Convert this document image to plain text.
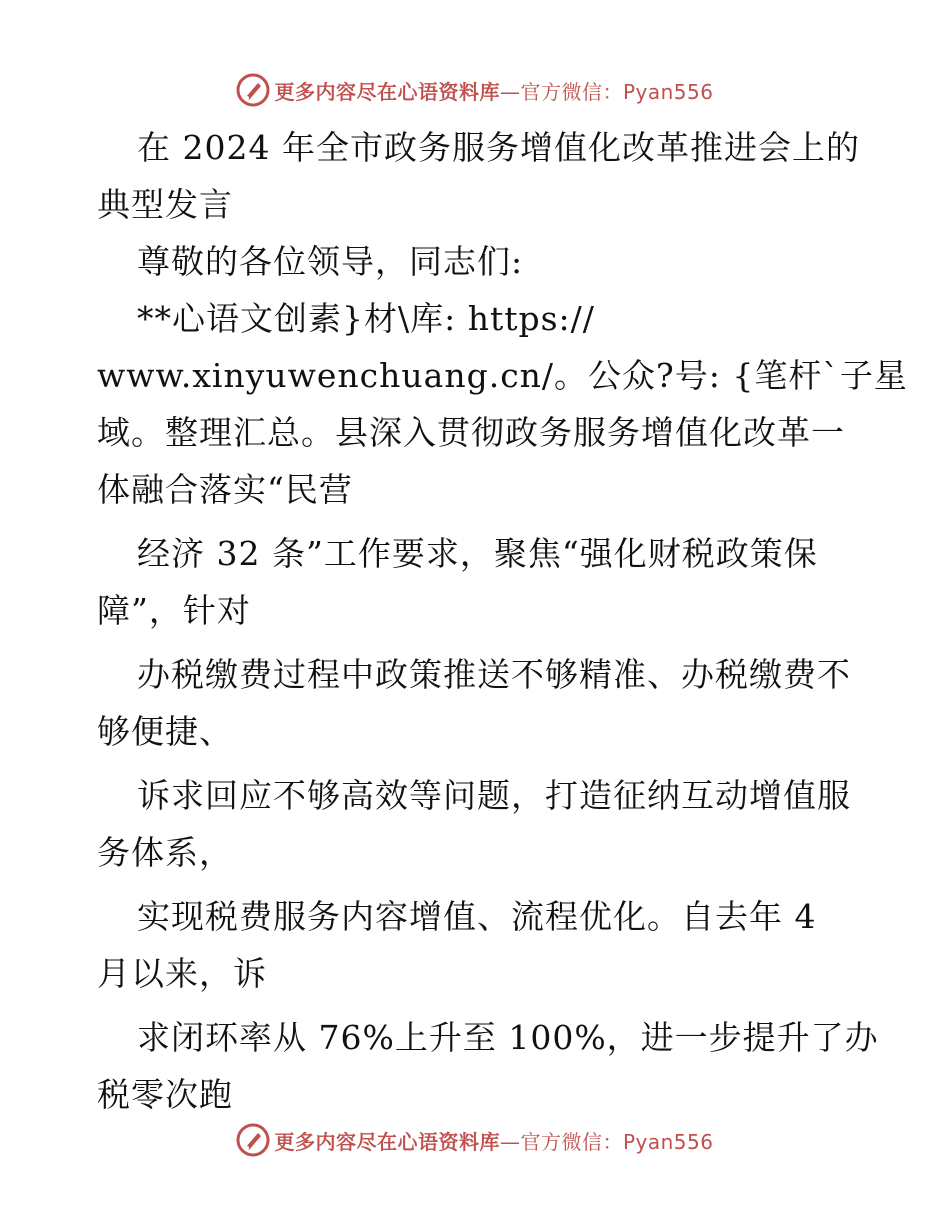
更多内容尽在心语资料库—官方微信：Pyan556
在 2024 年全市政务服务增值化改革推进会上的
典型发言
尊敬的各位领导，同志们:
**心语文创素}材\库: https://
www.xinyuwenchuang.cn/。公众?号: {笔杆`子星
域。整理汇总。县深入贯彻政务服务增值化改革一
体融合落实“民营
经济 32 条”工作要求，聚焦“强化财税政策保
障”，针对
办税缴费过程中政策推送不够精准、办税缴费不
够便捷、
诉求回应不够高效等问题，打造征纳互动增值服
务体系，
实现税费服务内容增值、流程优化。自去年 4
月以来，诉
求闭环率从 76%上升至 100%，进一步提升了办
税零次跑
更多内容尽在心语资料库—官方微信：Pyan556
